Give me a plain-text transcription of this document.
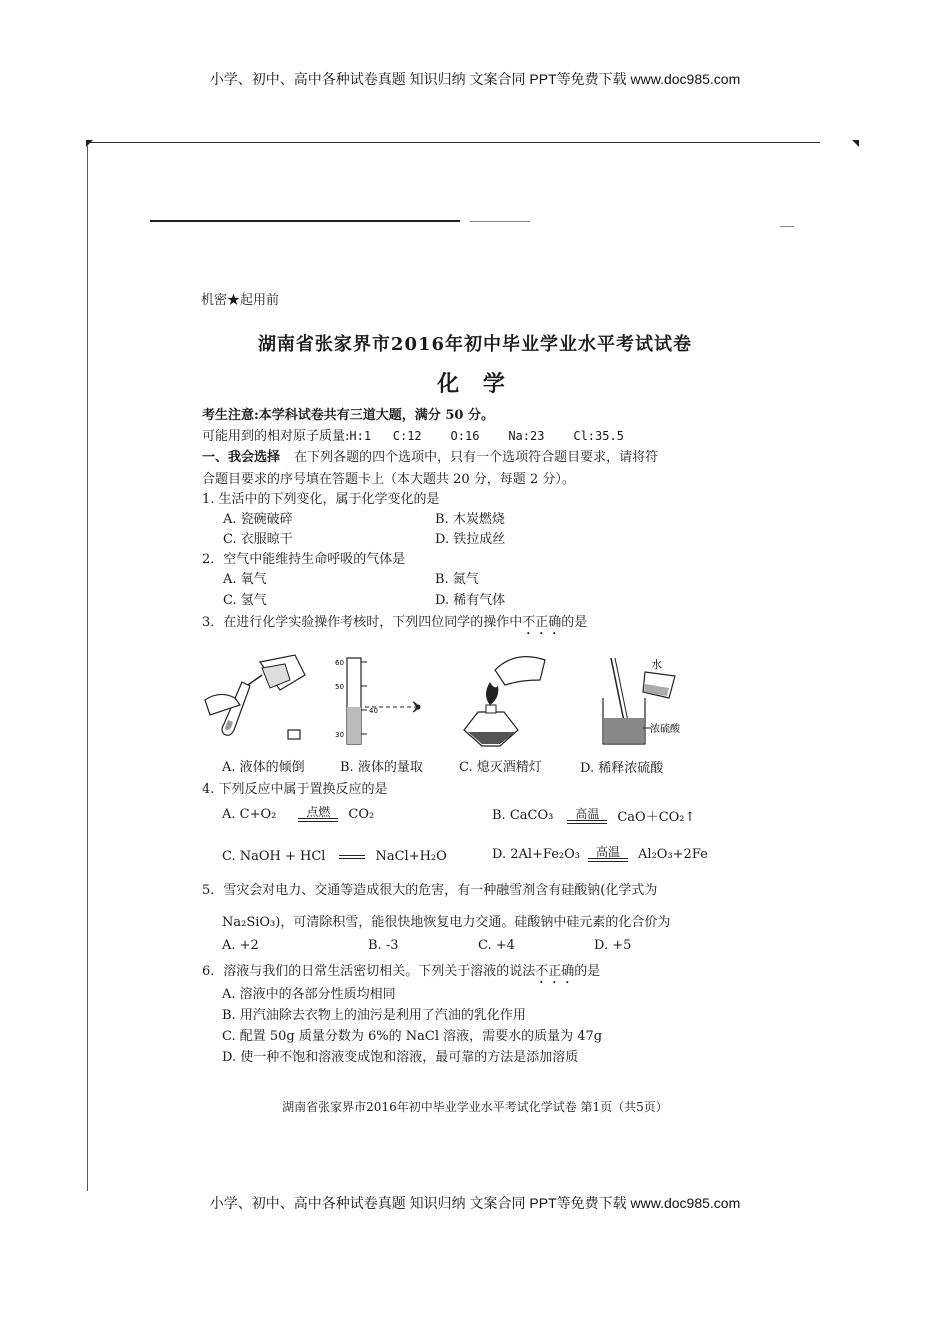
小学、初中、高中各种试卷真题 知识归纳 文案合同 PPT等免费下载 www.doc985.com
机密★起用前
湖南省张家界市2016年初中毕业学业水平考试试卷
化 学
考生注意:本学科试卷共有三道大题，满分 50 分。
可能用到的相对原子质量:H:1   C:12    O:16    Na:23    Cl:35.5
一、我会选择 在下列各题的四个选项中，只有一个选项符合题目要求，请将符
合题目要求的序号填在答题卡上（本大题共 20 分，每题 2 分）。
1. 生活中的下列变化，属于化学变化的是
A. 瓷碗破碎	B. 木炭燃烧
C. 衣服晾干	D. 铁拉成丝
2．空气中能维持生命呼吸的气体是
A. 氧气	B. 氮气
C. 氢气	D. 稀有气体
3．在进行化学实验操作考核时，下列四位同学的操作中不正确的是
60
50
40
30
水
浓硫酸
A. 液体的倾倒	B. 液体的量取	C. 熄灭酒精灯	D. 稀释浓硫酸
4. 下列反应中属于置换反应的是
A. C+O₂	点燃	CO₂	B. CaCO₃	高温	CaO＋CO₂↑
C. NaOH + HCl	NaCl+H₂O	D. 2Al+Fe₂O₃	高温	Al₂O₃+2Fe
5．雪灾会对电力、交通等造成很大的危害，有一种融雪剂含有硅酸钠(化学式为
Na₂SiO₃)，可清除积雪，能很快地恢复电力交通。硅酸钠中硅元素的化合价为
A. +2	B. -3	C. +4	D. +5
6．溶液与我们的日常生活密切相关。下列关于溶液的说法不正确的是
A. 溶液中的各部分性质均相同
B. 用汽油除去衣物上的油污是利用了汽油的乳化作用
C. 配置 50g 质量分数为 6%的 NaCl 溶液，需要水的质量为 47g
D. 使一种不饱和溶液变成饱和溶液，最可靠的方法是添加溶质
湖南省张家界市2016年初中毕业学业水平考试化学试卷 第1页（共5页）
小学、初中、高中各种试卷真题 知识归纳 文案合同 PPT等免费下载 www.doc985.com
